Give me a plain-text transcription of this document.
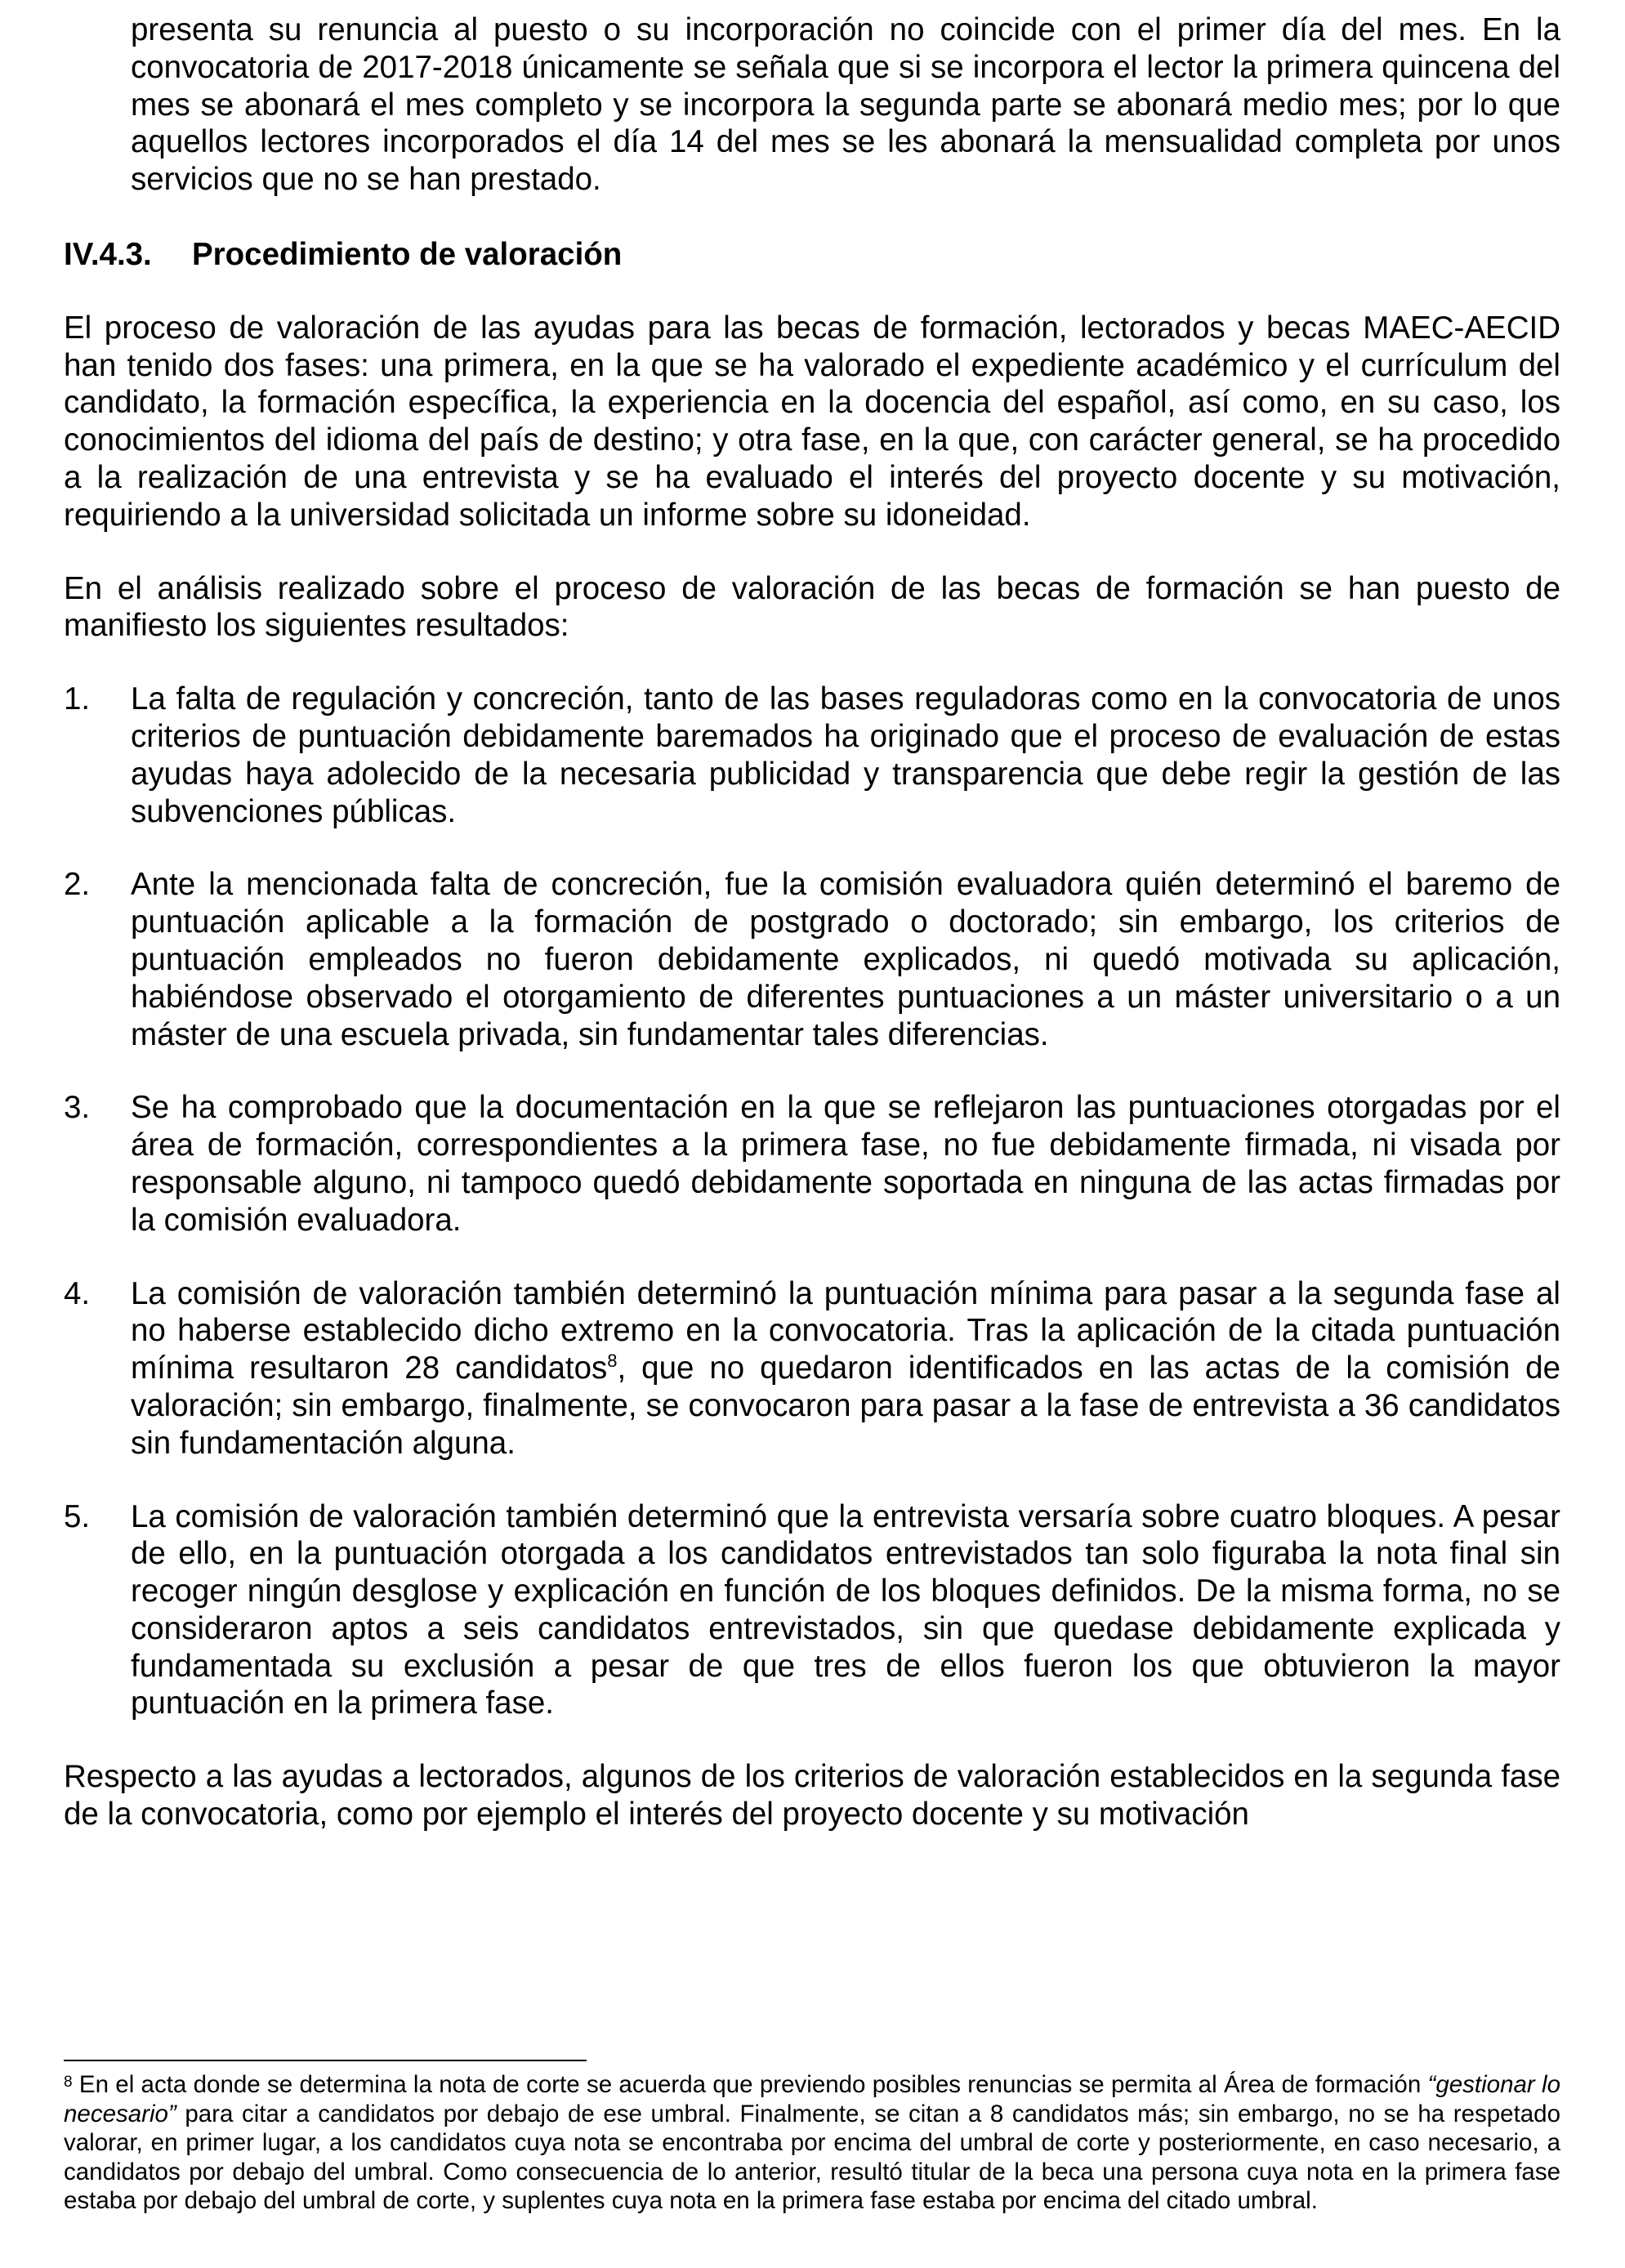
presenta su renuncia al puesto o su incorporación no coincide con el primer día del mes. En la convocatoria de 2017-2018 únicamente se señala que si se incorpora el lector la primera quincena del mes se abonará el mes completo y se incorpora la segunda parte se abonará medio mes; por lo que aquellos lectores incorporados el día 14 del mes se les abonará la mensualidad completa por unos servicios que no se han prestado.

IV.4.3.	Procedimiento de valoración

El proceso de valoración de las ayudas para las becas de formación, lectorados y becas MAEC-AECID han tenido dos fases: una primera, en la que se ha valorado el expediente académico y el currículum del candidato, la formación específica, la experiencia en la docencia del español, así como, en su caso, los conocimientos del idioma del país de destino; y otra fase, en la que, con carácter general, se ha procedido a la realización de una entrevista y se ha evaluado el interés del proyecto docente y su motivación, requiriendo a la universidad solicitada un informe sobre su idoneidad.

En el análisis realizado sobre el proceso de valoración de las becas de formación se han puesto de manifiesto los siguientes resultados:

1.	La falta de regulación y concreción, tanto de las bases reguladoras como en la convocatoria de unos criterios de puntuación debidamente baremados ha originado que el proceso de evaluación de estas ayudas haya adolecido de la necesaria publicidad y transparencia que debe regir la gestión de las subvenciones públicas.
2.	Ante la mencionada falta de concreción, fue la comisión evaluadora quién determinó el baremo de puntuación aplicable a la formación de postgrado o doctorado; sin embargo, los criterios de puntuación empleados no fueron debidamente explicados, ni quedó motivada su aplicación, habiéndose observado el otorgamiento de diferentes puntuaciones a un máster universitario o a un máster de una escuela privada, sin fundamentar tales diferencias.
3.	Se ha comprobado que la documentación en la que se reflejaron las puntuaciones otorgadas por el área de formación, correspondientes a la primera fase, no fue debidamente firmada, ni visada por responsable alguno, ni tampoco quedó debidamente soportada en ninguna de las actas firmadas por la comisión evaluadora.
4.	La comisión de valoración también determinó la puntuación mínima para pasar a la segunda fase al no haberse establecido dicho extremo en la convocatoria. Tras la aplicación de la citada puntuación mínima resultaron 28 candidatos$^8$, que no quedaron identificados en las actas de la comisión de valoración; sin embargo, finalmente, se convocaron para pasar a la fase de entrevista a 36 candidatos sin fundamentación alguna.
5.	La comisión de valoración también determinó que la entrevista versaría sobre cuatro bloques. A pesar de ello, en la puntuación otorgada a los candidatos entrevistados tan solo figuraba la nota final sin recoger ningún desglose y explicación en función de los bloques definidos. De la misma forma, no se consideraron aptos a seis candidatos entrevistados, sin que quedase debidamente explicada y fundamentada su exclusión a pesar de que tres de ellos fueron los que obtuvieron la mayor puntuación en la primera fase.

Respecto a las ayudas a lectorados, algunos de los criterios de valoración establecidos en la segunda fase de la convocatoria, como por ejemplo el interés del proyecto docente y su motivación

$^8$ En el acta donde se determina la nota de corte se acuerda que previendo posibles renuncias se permita al Área de formación “gestionar lo necesario” para citar a candidatos por debajo de ese umbral. Finalmente, se citan a 8 candidatos más; sin embargo, no se ha respetado valorar, en primer lugar, a los candidatos cuya nota se encontraba por encima del umbral de corte y posteriormente, en caso necesario, a candidatos por debajo del umbral. Como consecuencia de lo anterior, resultó titular de la beca una persona cuya nota en la primera fase estaba por debajo del umbral de corte, y suplentes cuya nota en la primera fase estaba por encima del citado umbral.
